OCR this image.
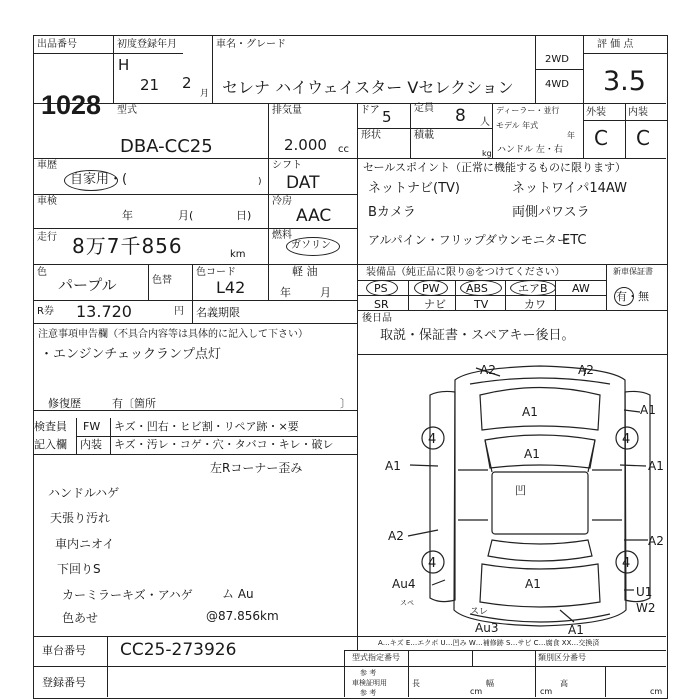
出品番号
1028
初度登録年月
H
21 2
月
車名・グレード
セレナ ハイウェイスター Vセレクション
2WD
4WD
評 価 点
3.5
型式
DBA-CC25
排気量
2.000 cc
ドア 5 定員 8 人
ディーラー・並行
モデル 年式
年
形状	積載
kg ハンドル 左・右
外装 内装
C C
車歴
自家用・(	)
シフト
DAT
車検
年	月(	日)
冷房
AAC
走行 8万7千856	km
燃料
ガソリン
軽 油
色
パープル	色替
色コード
L42	年	月
R券 13.720	円 名義期限
セールスポイント（正常に機能するものに限ります）
ネットナビ(TV)
両側パワスラ
Bカメラ
ネットワイパ14AW
アルパイン・フリップダウンモニター
ETC
装備品（純正品に限り◎をつけてください）	新車保証書
有・無
PS	PW ABS	エアB AW
SR	ナビ	TV	カワ
後日品
取説・保証書・スペアキー後日。
注意事項申告欄（不具合内容等は具体的に記入して下さい）
・エンジンチェックランプ点灯
修復歴	有〔箇所	〕
検査員
記入欄
FW キズ・凹右・ヒビ割・リペア跡・×要
内装 キズ・汚レ・コゲ・穴・タバコ・キレ・破レ
左Rコーナー歪み
ハンドルハゲ
天張り汚れ
車内ニオイ
下回りS
カーミラーキズ・アハゲ
色あせ
ム Au
@87.856km
A2	A2
A1	A1
A1	A1
A1
A2	A2
A1
凹
Au4
U1
W2
Au3	A1
スレ
スペ
4	4
4	4
A…キズ E…エクボ U…凹み W…補修跡 S…サビ C…腐食 XX…交換済
車台番号 CC25-273926
登録番号
型式指定番号	類別区分番号
参 考
車検証明用
参 考
長
cm
幅
cm
高
cm
